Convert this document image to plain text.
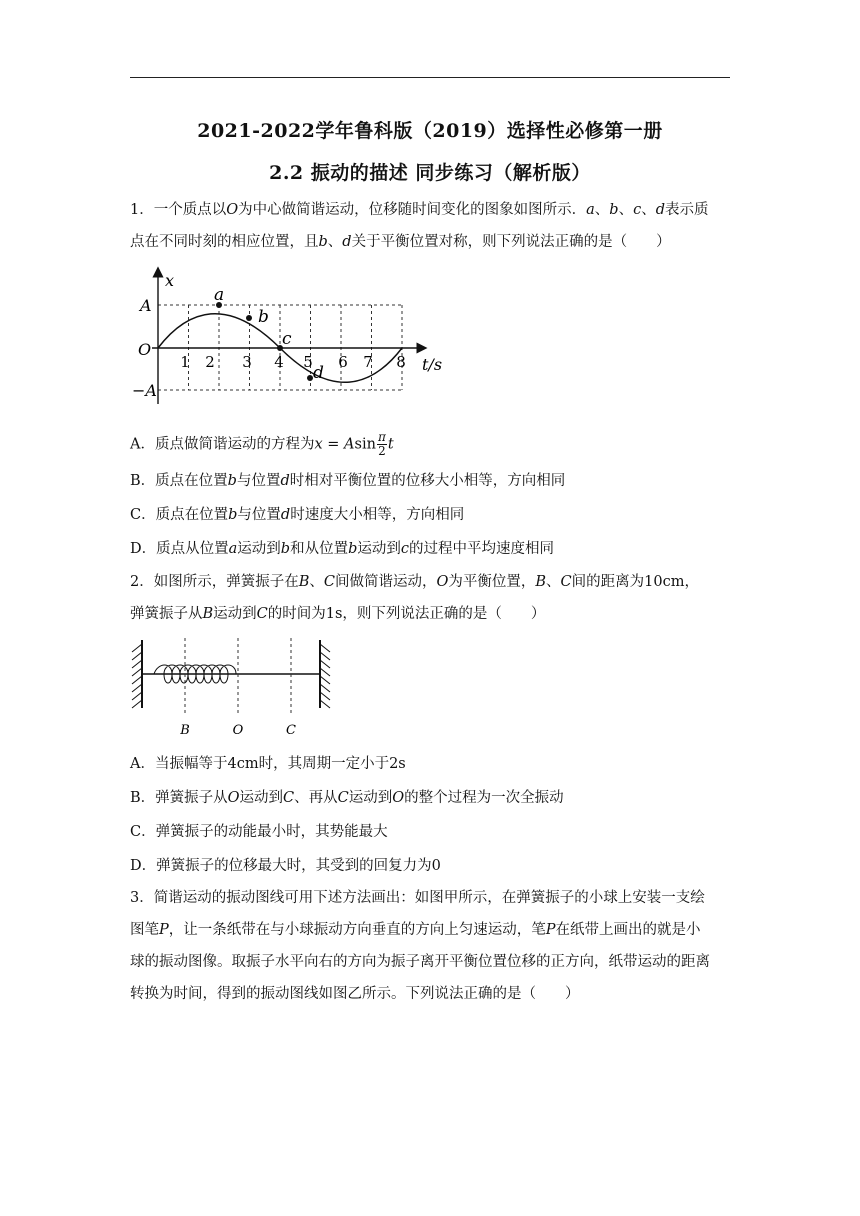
2021-2022学年鲁科版（2019）选择性必修第一册
2.2 振动的描述 同步练习（解析版）
1．一个质点以O为中心做简谐运动，位移随时间变化的图象如图所示．a、b、c、d表示质
点在不同时刻的相应位置，且b、d关于平衡位置对称，则下列说法正确的是（　　）
x
t/s
O
A
−A
1 2 3 4 5 6 7 8
a
b
c
d
A．质点做简谐运动的方程为x = Asin $\frac{\pi}{2}$ t
B．质点在位置b与位置d时相对平衡位置的位移大小相等，方向相同
C．质点在位置b与位置d时速度大小相等，方向相同
D．质点从位置a运动到b和从位置b运动到c的过程中平均速度相同
2．如图所示，弹簧振子在B、C间做简谐运动，O为平衡位置，B、C间的距离为10cm，
弹簧振子从B运动到C的时间为1s，则下列说法正确的是（　　）
B	O	C
A．当振幅等于4cm时，其周期一定小于2s
B．弹簧振子从O运动到C、再从C运动到O的整个过程为一次全振动
C．弹簧振子的动能最小时，其势能最大
D．弹簧振子的位移最大时，其受到的回复力为0
3．简谐运动的振动图线可用下述方法画出：如图甲所示，在弹簧振子的小球上安装一支绘
图笔P，让一条纸带在与小球振动方向垂直的方向上匀速运动，笔P在纸带上画出的就是小
球的振动图像。取振子水平向右的方向为振子离开平衡位置位移的正方向，纸带运动的距离
转换为时间，得到的振动图线如图乙所示。下列说法正确的是（　　）
